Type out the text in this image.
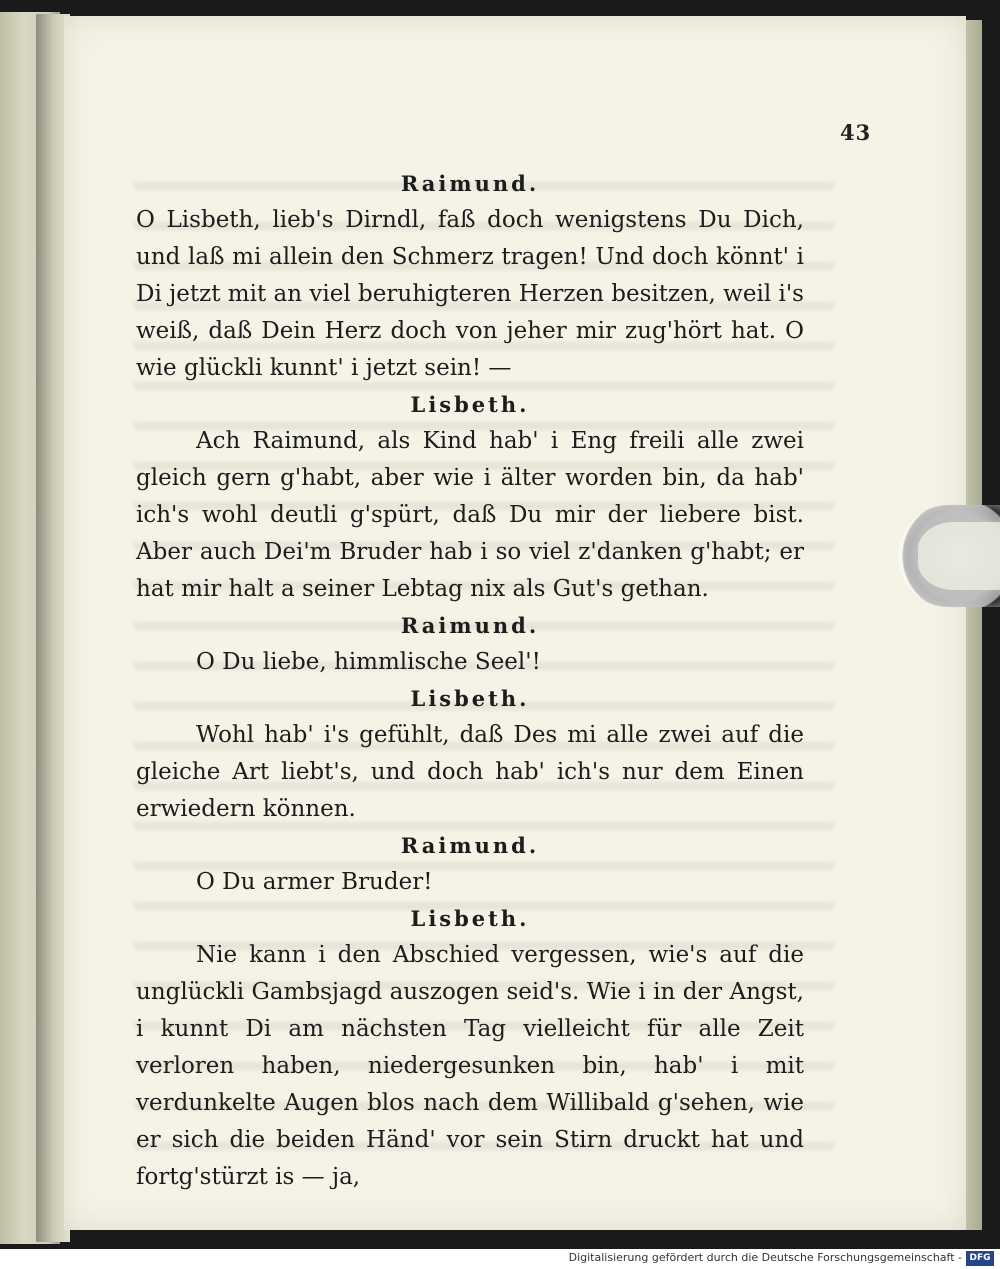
43

Raimund.

O Lisbeth, lieb's Dirndl, faß doch wenigstens Du Dich, und laß mi allein den Schmerz tragen! Und doch könnt' i Di jetzt mit an viel beruhigteren Herzen besitzen, weil i's weiß, daß Dein Herz doch von jeher mir zug'hört hat. O wie glückli kunnt' i jetzt sein! —

Lisbeth.

Ach Raimund, als Kind hab' i Eng freili alle zwei gleich gern g'habt, aber wie i älter worden bin, da hab' ich's wohl deutli g'spürt, daß Du mir der liebere bist. Aber auch Dei'm Bruder hab i so viel z'danken g'habt; er hat mir halt a seiner Lebtag nix als Gut's gethan.

Raimund.

O Du liebe, himmlische Seel'!

Lisbeth.

Wohl hab' i's gefühlt, daß Des mi alle zwei auf die gleiche Art liebt's, und doch hab' ich's nur dem Einen erwiedern können.

Raimund.

O Du armer Bruder!

Lisbeth.

Nie kann i den Abschied vergessen, wie's auf die unglückli Gambsjagd auszogen seid's. Wie i in der Angst, i kunnt Di am nächsten Tag vielleicht für alle Zeit verloren haben, niedergesunken bin, hab' i mit verdunkelte Augen blos nach dem Willibald g'sehen, wie er sich die beiden Händ' vor sein Stirn druckt hat und fortg'stürzt is — ja,

Digitalisierung gefördert durch die Deutsche Forschungsgemeinschaft - DFG
